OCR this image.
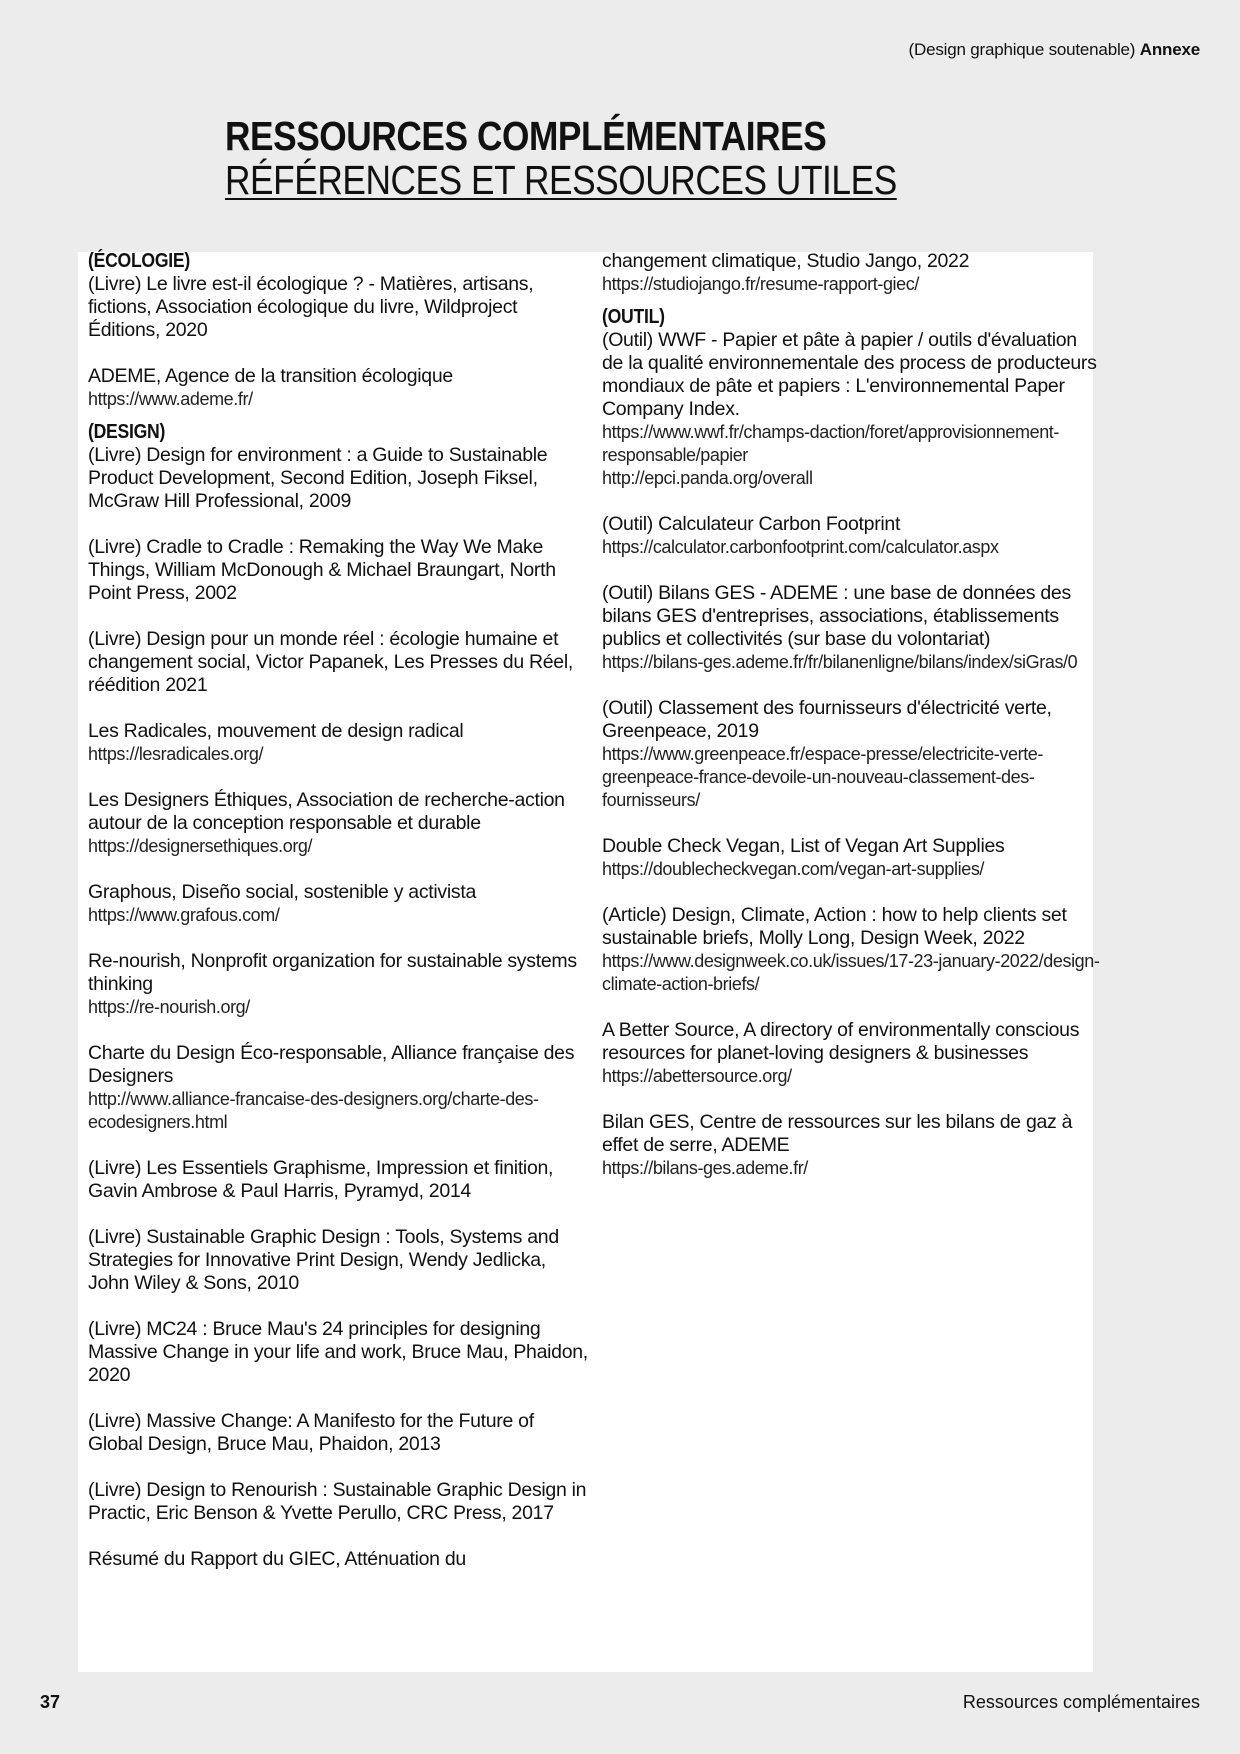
(Design graphique soutenable) Annexe
RESSOURCES COMPLÉMENTAIRES
RÉFÉRENCES ET RESSOURCES UTILES
(ÉCOLOGIE)
(Livre) Le livre est-il écologique ? - Matières, artisans, fictions, Association écologique du livre, Wildproject Éditions, 2020
ADEME, Agence de la transition écologique
https://www.ademe.fr/
(DESIGN)
(Livre) Design for environment : a Guide to Sustainable Product Development, Second Edition, Joseph Fiksel, McGraw Hill Professional, 2009
(Livre) Cradle to Cradle : Remaking the Way We Make Things, William McDonough & Michael Braungart, North Point Press, 2002
(Livre) Design pour un monde réel : écologie humaine et changement social, Victor Papanek, Les Presses du Réel, réédition 2021
Les Radicales, mouvement de design radical
https://lesradicales.org/
Les Designers Éthiques, Association de recherche-action autour de la conception responsable et durable
https://designersethiques.org/
Graphous, Diseño social, sostenible y activista
https://www.grafous.com/
Re-nourish, Nonprofit organization for sustainable systems thinking
https://re-nourish.org/
Charte du Design Éco-responsable, Alliance française des Designers
http://www.alliance-francaise-des-designers.org/charte-des-ecodesigners.html
(Livre) Les Essentiels Graphisme, Impression et finition, Gavin Ambrose & Paul Harris, Pyramyd, 2014
(Livre) Sustainable Graphic Design : Tools, Systems and Strategies for Innovative Print Design, Wendy Jedlicka, John Wiley & Sons, 2010
(Livre) MC24 : Bruce Mau's 24 principles for designing Massive Change in your life and work, Bruce Mau, Phaidon, 2020
(Livre) Massive Change: A Manifesto for the Future of Global Design, Bruce Mau, Phaidon, 2013
(Livre) Design to Renourish : Sustainable Graphic Design in Practic, Eric Benson & Yvette Perullo, CRC Press, 2017
Résumé du Rapport du GIEC, Atténuation du
changement climatique, Studio Jango, 2022
https://studiojango.fr/resume-rapport-giec/
(OUTIL)
(Outil) WWF - Papier et pâte à papier / outils d'évaluation de la qualité environnementale des process de producteurs mondiaux de pâte et papiers : L'environnemental Paper Company Index.
https://www.wwf.fr/champs-daction/foret/approvisionnement-responsable/papier
http://epci.panda.org/overall
(Outil) Calculateur Carbon Footprint
https://calculator.carbonfootprint.com/calculator.aspx
(Outil) Bilans GES - ADEME : une base de données des bilans GES d'entreprises, associations, établissements publics et collectivités (sur base du volontariat)
https://bilans-ges.ademe.fr/fr/bilanenligne/bilans/index/siGras/0
(Outil) Classement des fournisseurs d'électricité verte, Greenpeace, 2019
https://www.greenpeace.fr/espace-presse/electricite-verte-greenpeace-france-devoile-un-nouveau-classement-des-fournisseurs/
Double Check Vegan, List of Vegan Art Supplies
https://doublecheckvegan.com/vegan-art-supplies/
(Article) Design, Climate, Action : how to help clients set sustainable briefs, Molly Long, Design Week, 2022
https://www.designweek.co.uk/issues/17-23-january-2022/design-climate-action-briefs/
A Better Source, A directory of environmentally conscious resources for planet-loving designers & businesses
https://abettersource.org/
Bilan GES, Centre de ressources sur les bilans de gaz à effet de serre, ADEME
https://bilans-ges.ademe.fr/
37	Ressources complémentaires
